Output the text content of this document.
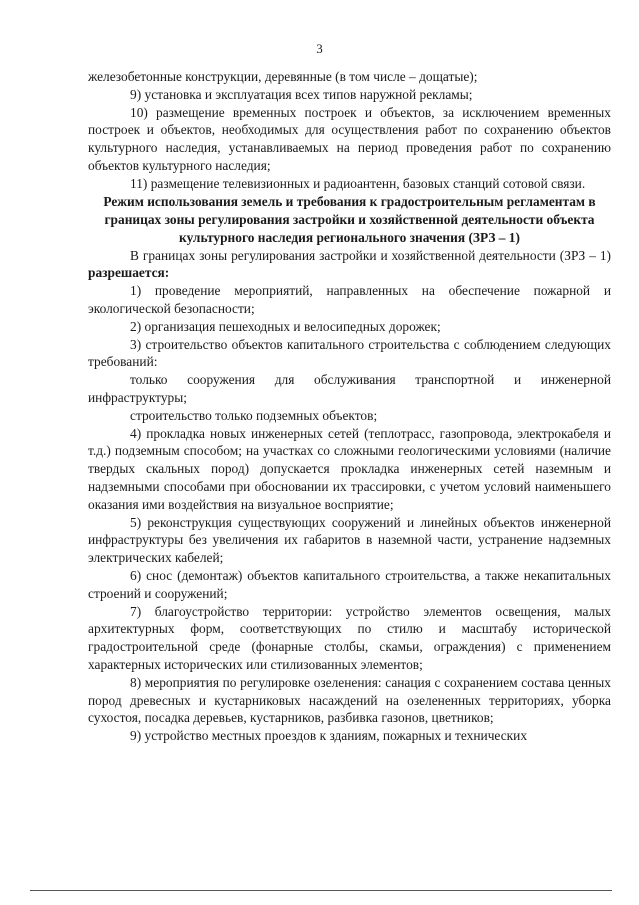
3

железобетонные конструкции, деревянные (в том числе – дощатые);

9) установка и эксплуатация всех типов наружной рекламы;

10) размещение временных построек и объектов, за исключением временных построек и объектов, необходимых для осуществления работ по сохранению объектов культурного наследия, устанавливаемых на период проведения работ по сохранению объектов культурного наследия;

11) размещение телевизионных и радиоантенн, базовых станций сотовой связи.

Режим использования земель и требования к градостроительным регламентам в границах зоны регулирования застройки и хозяйственной деятельности объекта культурного наследия регионального значения (ЗРЗ – 1)

В границах зоны регулирования застройки и хозяйственной деятельности (ЗРЗ – 1) разрешается:

1) проведение мероприятий, направленных на обеспечение пожарной и экологической безопасности;

2) организация пешеходных и велосипедных дорожек;

3) строительство объектов капитального строительства с соблюдением следующих требований:

только сооружения для обслуживания транспортной и инженерной инфраструктуры;

строительство только подземных объектов;

4) прокладка новых инженерных сетей (теплотрасс, газопровода, электрокабеля и т.д.) подземным способом; на участках со сложными геологическими условиями (наличие твердых скальных пород) допускается прокладка инженерных сетей наземным и надземными способами при обосновании их трассировки, с учетом условий наименьшего оказания ими воздействия на визуальное восприятие;

5) реконструкция существующих сооружений и линейных объектов инженерной инфраструктуры без увеличения их габаритов в наземной части, устранение надземных электрических кабелей;

6) снос (демонтаж) объектов капитального строительства, а также некапитальных строений и сооружений;

7) благоустройство территории: устройство элементов освещения, малых архитектурных форм, соответствующих по стилю и масштабу исторической градостроительной среде (фонарные столбы, скамьи, ограждения) с применением характерных исторических или стилизованных элементов;

8) мероприятия по регулировке озеленения: санация с сохранением состава ценных пород древесных и кустарниковых насаждений на озелененных территориях, уборка сухостоя, посадка деревьев, кустарников, разбивка газонов, цветников;

9) устройство местных проездов к зданиям, пожарных и технических
